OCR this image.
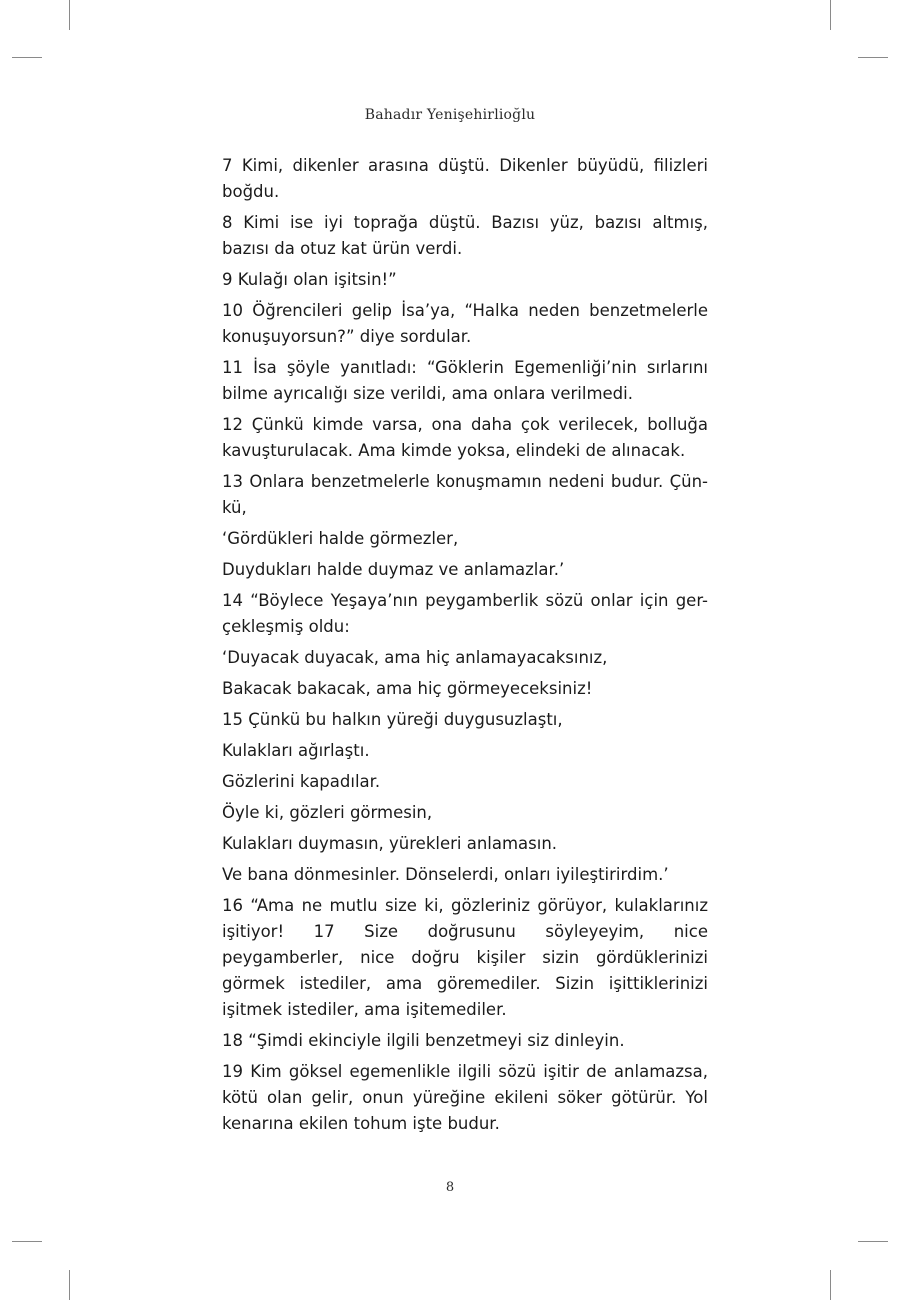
Bahadır Yenişehirlioğlu

7 Kimi, dikenler arasına düştü. Dikenler büyüdü, filizleri boğdu.

8 Kimi ise iyi toprağa düştü. Bazısı yüz, bazısı altmış, bazısı da otuz kat ürün verdi.

9 Kulağı olan işitsin!”

10 Öğrencileri gelip İsa’ya, “Halka neden benzetmelerle konuşuyorsun?” diye sordular.

11 İsa şöyle yanıtladı: “Göklerin Egemenliği’nin sırlarını bilme ayrıcalığı size verildi, ama onlara verilmedi.

12 Çünkü kimde varsa, ona daha çok verilecek, bolluğa kavuşturulacak. Ama kimde yoksa, elindeki de alınacak.

13 Onlara benzetmelerle konuşmamın nedeni budur. Çün-kü,

‘Gördükleri halde görmezler,

Duydukları halde duymaz ve anlamazlar.’

14 “Böylece Yeşaya’nın peygamberlik sözü onlar için ger-çekleşmiş oldu:

‘Duyacak duyacak, ama hiç anlamayacaksınız,

Bakacak bakacak, ama hiç görmeyeceksiniz!

15 Çünkü bu halkın yüreği duygusuzlaştı,

Kulakları ağırlaştı.

Gözlerini kapadılar.

Öyle ki, gözleri görmesin,

Kulakları duymasın, yürekleri anlamasın.

Ve bana dönmesinler. Dönselerdi, onları iyileştirirdim.’

16 “Ama ne mutlu size ki, gözleriniz görüyor, kulaklarınız işitiyor! 17 Size doğrusunu söyleyeyim, nice peygamberler, nice doğru kişiler sizin gördüklerinizi görmek istediler, ama göremediler. Sizin işittiklerinizi işitmek istediler, ama işitemediler.

18 “Şimdi ekinciyle ilgili benzetmeyi siz dinleyin.

19 Kim göksel egemenlikle ilgili sözü işitir de anlamazsa, kötü olan gelir, onun yüreğine ekileni söker götürür. Yol kenarına ekilen tohum işte budur.

8
